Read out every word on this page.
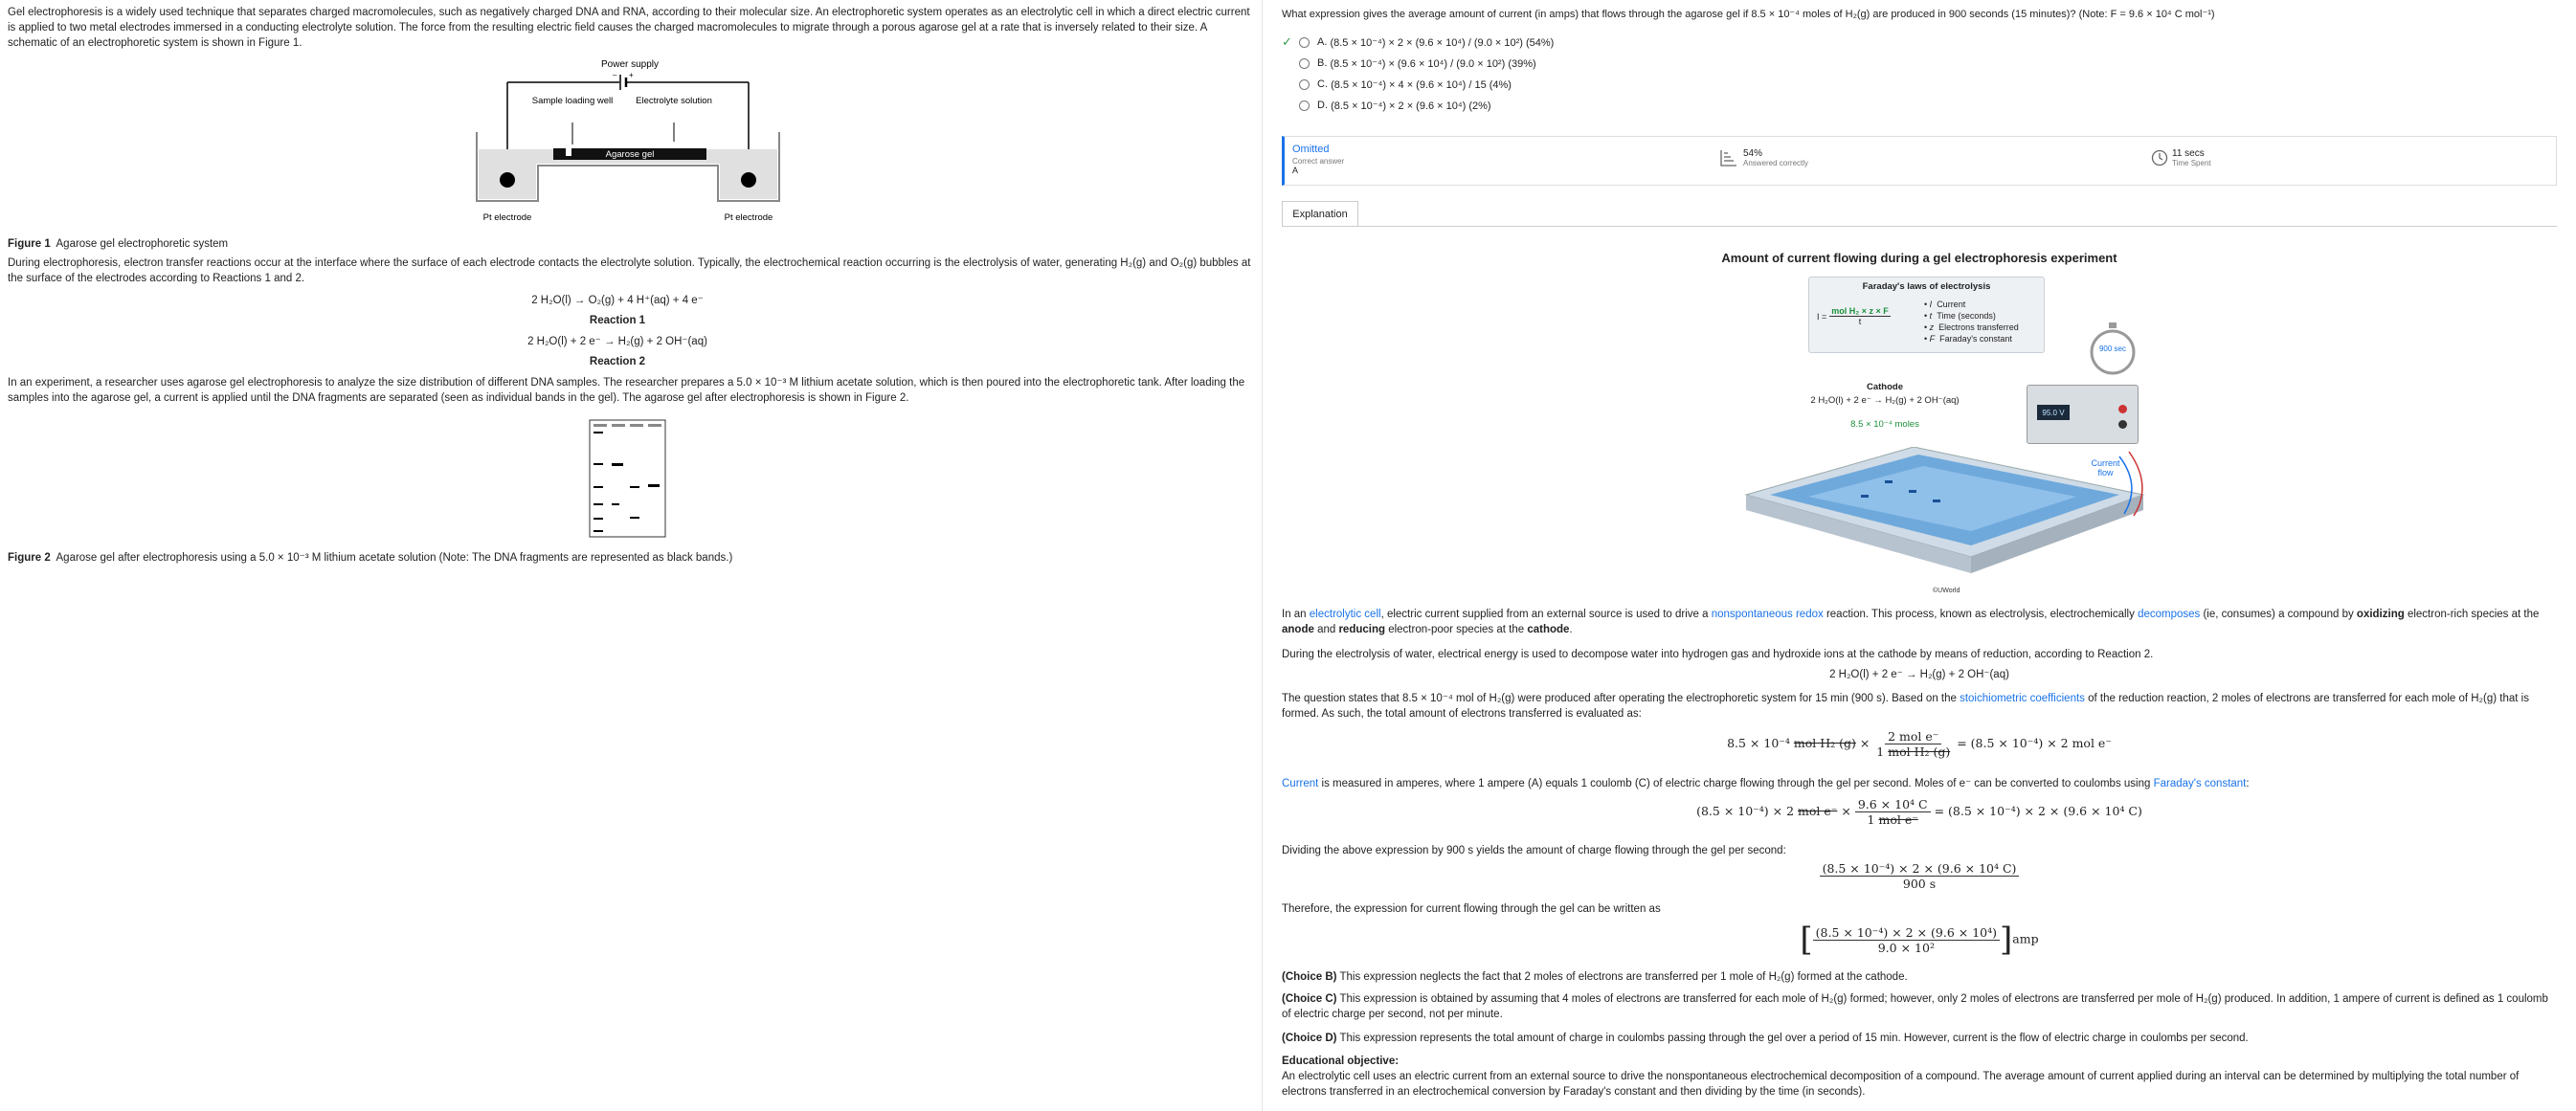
Gel electrophoresis is a widely used technique that separates charged macromolecules, such as negatively charged DNA and RNA, according to their molecular size. An electrophoretic system operates as an electrolytic cell in which a direct electric current is applied to two metal electrodes immersed in a conducting electrolyte solution. The force from the resulting electric field causes the charged macromolecules to migrate through a porous agarose gel at a rate that is inversely related to their size. A schematic of an electrophoretic system is shown in Figure 1.

Power supply
– +
Sample loading well	Electrolyte solution
Agarose gel
Pt electrode	Pt electrode

Figure 1 Agarose gel electrophoretic system

During electrophoresis, electron transfer reactions occur at the interface where the surface of each electrode contacts the electrolyte solution. Typically, the electrochemical reaction occurring is the electrolysis of water, generating H₂(g) and O₂(g) bubbles at the surface of the electrodes according to Reactions 1 and 2.

2 H₂O(l) → O₂(g) + 4 H⁺(aq) + 4 e⁻

Reaction 1

2 H₂O(l) + 2 e⁻ → H₂(g) + 2 OH⁻(aq)

Reaction 2

In an experiment, a researcher uses agarose gel electrophoresis to analyze the size distribution of different DNA samples. The researcher prepares a 5.0 × 10⁻³ M lithium acetate solution, which is then poured into the electrophoretic tank. After loading the samples into the agarose gel, a current is applied until the DNA fragments are separated (seen as individual bands in the gel). The agarose gel after electrophoresis is shown in Figure 2.

Figure 2 Agarose gel after electrophoresis using a 5.0 × 10⁻³ M lithium acetate solution (Note: The DNA fragments are represented as black bands.)

What expression gives the average amount of current (in amps) that flows through the agarose gel if 8.5 × 10⁻⁴ moles of H₂(g) are produced in 900 seconds (15 minutes)? (Note: F = 9.6 × 10⁴ C mol⁻¹)

✓ A.
(8.5 × 10⁻⁴) × 2 × (9.6 × 10⁴) / (9.0 × 10²) (54%)
B.
(8.5 × 10⁻⁴) × (9.6 × 10⁴) / (9.0 × 10²) (39%)
C.
(8.5 × 10⁻⁴) × 4 × (9.6 × 10⁴) / 15 (4%)
D.
(8.5 × 10⁻⁴) × 2 × (9.6 × 10⁴) (2%)
Omitted
Correct answer
A
54%
Answered correctly
11 secs
Time Spent
Explanation
Amount of current flowing during a gel electrophoresis experiment
Faraday's laws of electrolysis
I =
mol H₂ × z × F
t
• I Current
• t Time (seconds)
• z Electrons transferred
• F Faraday's constant
900 sec
Cathode
2 H₂O(l) + 2 e⁻ → H₂(g) + 2 OH⁻(aq)
8.5 × 10⁻⁴ moles
95.0 V
Current flow
©UWorld
In an electrolytic cell, electric current supplied from an external source is used to drive a nonspontaneous redox reaction. This process, known as electrolysis, electrochemically decomposes (ie, consumes) a compound by oxidizing electron-rich species at the anode and reducing electron-poor species at the cathode.

During the electrolysis of water, electrical energy is used to decompose water into hydrogen gas and hydroxide ions at the cathode by means of reduction, according to Reaction 2.

2 H₂O(l) + 2 e⁻ → H₂(g) + 2 OH⁻(aq)

The question states that 8.5 × 10⁻⁴ mol of H₂(g) were produced after operating the electrophoretic system for 15 min (900 s). Based on the stoichiometric coefficients of the reduction reaction, 2 moles of electrons are transferred for each mole of H₂(g) that is formed. As such, the total amount of electrons transferred is evaluated as:
8.5 × 10⁻⁴ mol H₂ $(g) \times \frac{\text{2 mol e⁻}}{\text{1 mol H₂ (g)}} = (8.5 \times 10^{-4}) \times 2$ mol e⁻
Current is measured in amperes, where 1 ampere (A) equals 1 coulomb (C) of electric charge flowing through the gel per second. Moles of e⁻ can be converted to coulombs using Faraday's constant:
(8.5 × 10⁻⁴) × 2 mol $e^- \times \frac{\text{9.6 × 10⁴ C}}{\text{1 mol e⁻}} = (8.5 \times 10^{-4}) \times 2 \times (9.6 \times 10^4$ C)

Dividing the above expression by 900 s yields the amount of charge flowing through the gel per second:

$\frac{\text{(8.5 × 10⁻⁴) × 2 × (9.6 × 10⁴ C)}}{900 s}$

Therefore, the expression for current flowing through the gel can be written as

[ $\frac{\text{(8.5 × 10⁻⁴) × 2 × (9.6 × 10⁴)}}{\text{9.0 × 10²}} ]amp$

(Choice B) This expression neglects the fact that 2 moles of electrons are transferred per 1 mole of H₂(g) formed at the cathode.

(Choice C) This expression is obtained by assuming that 4 moles of electrons are transferred for each mole of H₂(g) formed; however, only 2 moles of electrons are transferred per mole of H₂(g) produced. In addition, 1 ampere of current is defined as 1 coulomb of electric charge per second, not per minute.

(Choice D) This expression represents the total amount of charge in coulombs passing through the gel over a period of 15 min. However, current is the flow of electric charge in coulombs per second.

Educational objective:

An electrolytic cell uses an electric current from an external source to drive the nonspontaneous electrochemical decomposition of a compound. The average amount of current applied during an interval can be determined by multiplying the total number of electrons transferred in an electrochemical conversion by Faraday's constant and then dividing by the time (in seconds).
